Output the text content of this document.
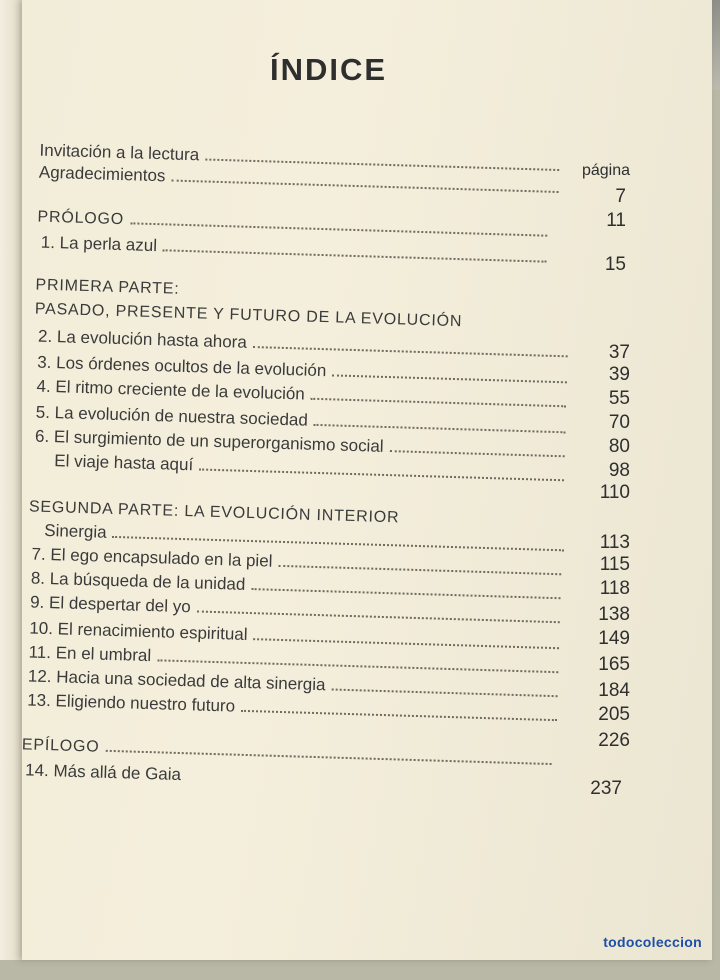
ÍNDICE
Invitación a la lectura
Agradecimientos
PRÓLOGO
1. La perla azul
PRIMERA PARTE:
PASADO, PRESENTE Y FUTURO DE LA EVOLUCIÓN
2. La evolución hasta ahora
3. Los órdenes ocultos de la evolución
4. El ritmo creciente de la evolución
5. La evolución de nuestra sociedad
6. El surgimiento de un superorganismo social
El viaje hasta aquí
SEGUNDA PARTE: LA EVOLUCIÓN INTERIOR
Sinergia
7. El ego encapsulado en la piel
8. La búsqueda de la unidad
9. El despertar del yo
10. El renacimiento espiritual
11. En el umbral
12. Hacia una sociedad de alta sinergia
13. Eligiendo nuestro futuro
EPÍLOGO
14. Más allá de Gaia
página
7
11
15
37
39
55
70
80
98
110
113
115
118
138
149
165
184
205
226
237
todocoleccion
